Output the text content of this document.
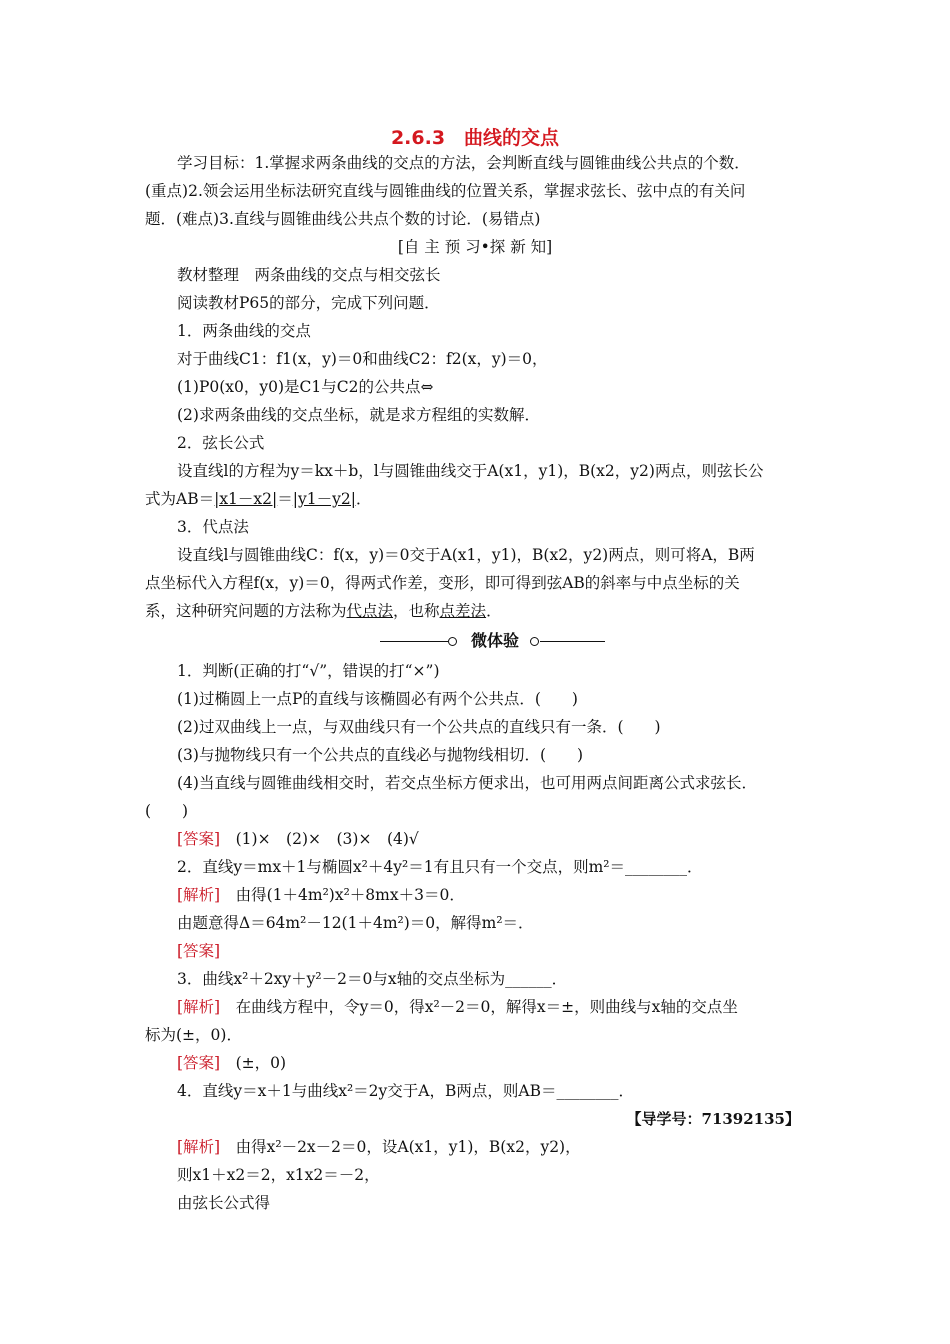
2.6.3　曲线的交点
学习目标：1.掌握求两条曲线的交点的方法，会判断直线与圆锥曲线公共点的个数．
(重点)2.领会运用坐标法研究直线与圆锥曲线的位置关系，掌握求弦长、弦中点的有关问
题．(难点)3.直线与圆锥曲线公共点个数的讨论．(易错点)
[自 主 预 习•探 新 知]
教材整理　两条曲线的交点与相交弦长
阅读教材P65的部分，完成下列问题．
1．两条曲线的交点
对于曲线C1：f1(x，y)＝0和曲线C2：f2(x，y)＝0，
(1)P0(x0，y0)是C1与C2的公共点⇔
(2)求两条曲线的交点坐标，就是求方程组的实数解．
2．弦长公式
设直线l的方程为y＝kx＋b，l与圆锥曲线交于A(x1，y1)，B(x2，y2)两点，则弦长公
式为AB＝|x1－x2|＝|y1－y2|．
3．代点法
设直线l与圆锥曲线C：f(x，y)＝0交于A(x1，y1)，B(x2，y2)两点，则可将A，B两
点坐标代入方程f(x，y)＝0，得两式作差，变形，即可得到弦AB的斜率与中点坐标的关
系，这种研究问题的方法称为代点法，也称点差法．
微体验
1．判断(正确的打“√”，错误的打“×”)
(1)过椭圆上一点P的直线与该椭圆必有两个公共点．(　　)
(2)过双曲线上一点，与双曲线只有一个公共点的直线只有一条．(　　)
(3)与抛物线只有一个公共点的直线必与抛物线相切．(　　)
(4)当直线与圆锥曲线相交时，若交点坐标方便求出，也可用两点间距离公式求弦长．
(　　)
[答案]　(1)×　(2)×　(3)×　(4)√
2．直线y＝mx＋1与椭圆x²＋4y²＝1有且只有一个交点，则m²＝________．
[解析]　由得(1＋4m²)x²＋8mx＋3＝0．
由题意得Δ＝64m²－12(1＋4m²)＝0，解得m²＝．
[答案]
3．曲线x²＋2xy＋y²－2＝0与x轴的交点坐标为______．
[解析]　在曲线方程中，令y＝0，得x²－2＝0，解得x＝±，则曲线与x轴的交点坐
标为(±，0)．
[答案]　(±，0)
4．直线y＝x＋1与曲线x²＝2y交于A，B两点，则AB＝________．
【导学号：71392135】
[解析]　由得x²－2x－2＝0，设A(x1，y1)，B(x2，y2)，
则x1＋x2＝2，x1x2＝－2，
由弦长公式得
